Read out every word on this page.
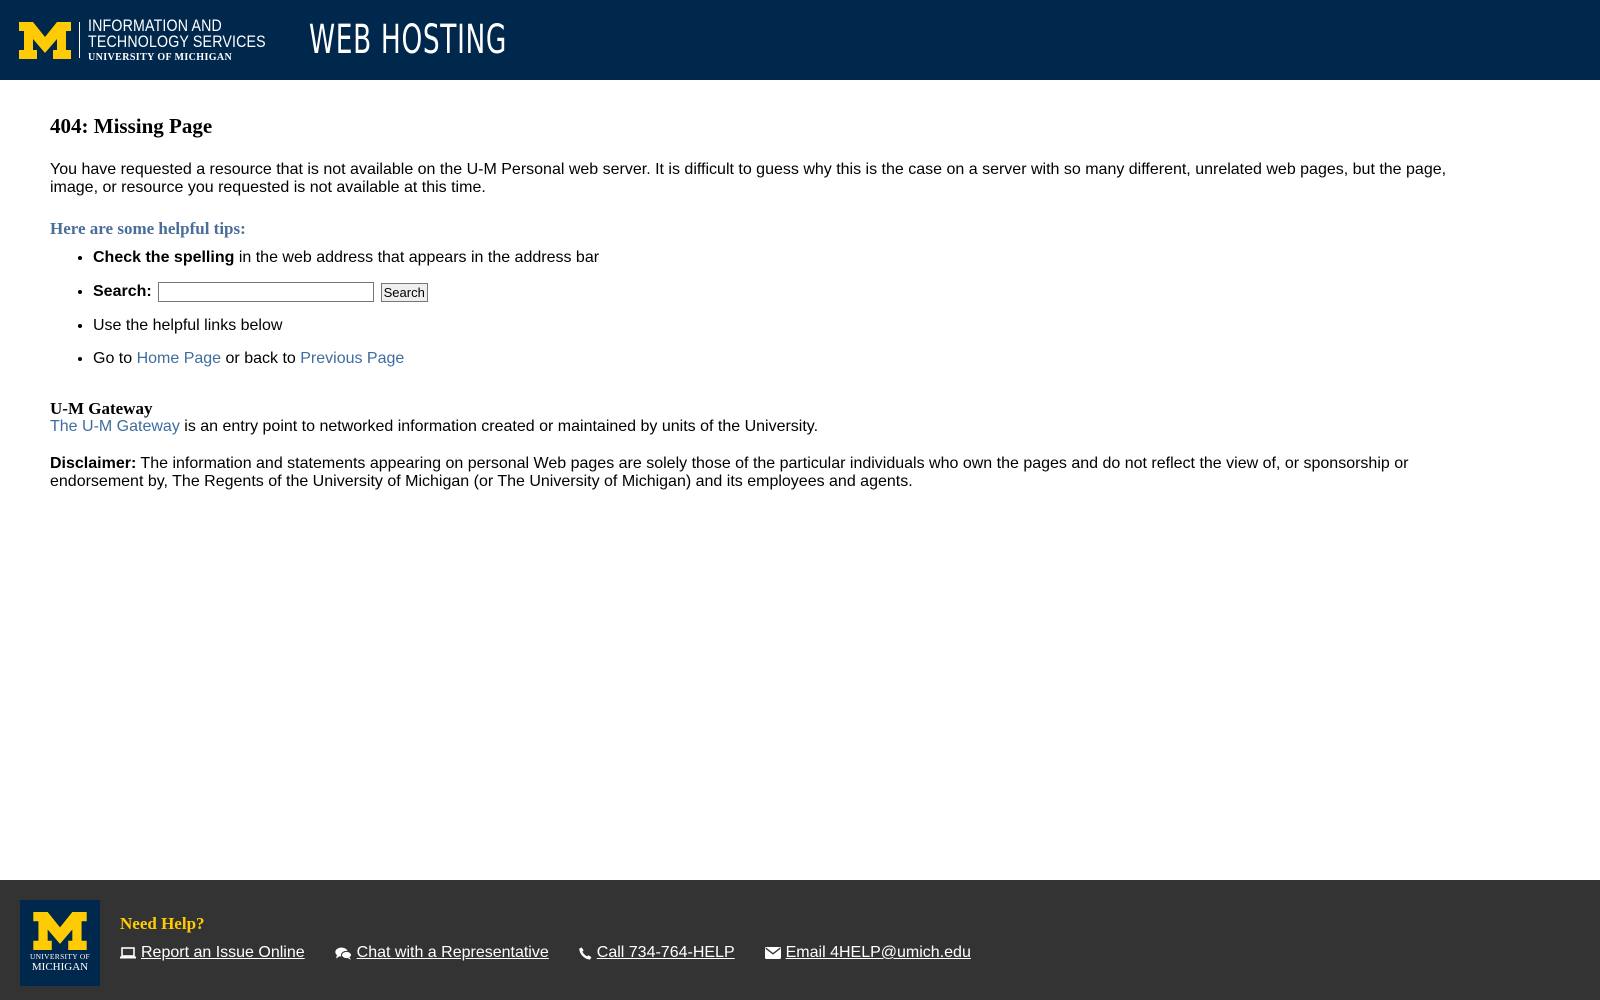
INFORMATION AND
TECHNOLOGY SERVICES
UNIVERSITY OF MICHIGAN	WEB HOSTING
404: Missing Page

You have requested a resource that is not available on the U-M Personal web server. It is difficult to guess why this is the case on a server with so many different, unrelated web pages, but the page, image, or resource you requested is not available at this time.

Here are some helpful tips:
• Check the spelling in the web address that appears in the address bar
• Search:	Search
• Use the helpful links below
• Go to Home Page or back to Previous Page
U-M Gateway
The U-M Gateway is an entry point to networked information created or maintained by units of the University.
Disclaimer: The information and statements appearing on personal Web pages are solely those of the particular individuals who own the pages and do not reflect the view of, or sponsorship or endorsement by, The Regents of the University of Michigan (or The University of Michigan) and its employees and agents.
UNIVERSITY OF
MICHIGAN
Need Help?
Report an Issue Online	Chat with a Representative	Call 734-764-HELP	Email 4HELP@umich.edu
